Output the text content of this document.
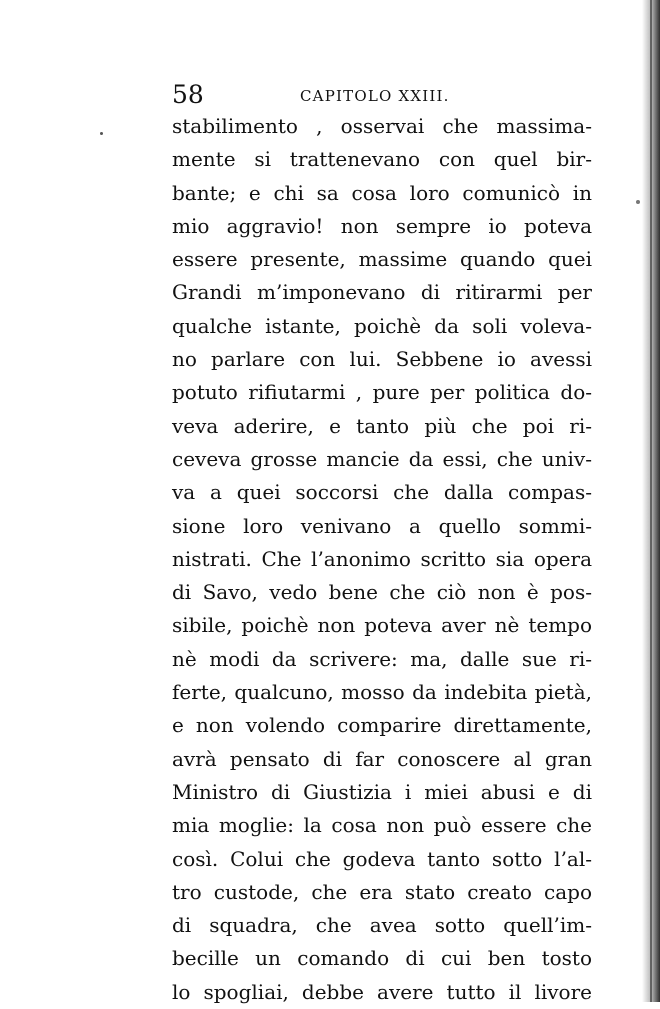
58	CAPITOLO XXIII.
stabilimento , osservai che massima-
mente si trattenevano con quel bir-
bante; e chi sa cosa loro comunicò in
mio aggravio! non sempre io poteva
essere presente, massime quando quei
Grandi m’imponevano di ritirarmi per
qualche istante, poichè da soli voleva-
no parlare con lui. Sebbene io avessi
potuto rifiutarmi , pure per politica do-
veva aderire, e tanto più che poi ri-
ceveva grosse mancie da essi, che univ-
va a quei soccorsi che dalla compas-
sione loro venivano a quello sommi-
nistrati. Che l’anonimo scritto sia opera
di Savo, vedo bene che ciò non è pos-
sibile, poichè non poteva aver nè tempo
nè modi da scrivere: ma, dalle sue ri-
ferte, qualcuno, mosso da indebita pietà,
e non volendo comparire direttamente,
avrà pensato di far conoscere al gran
Ministro di Giustizia i miei abusi e di
mia moglie: la cosa non può essere che
così. Colui che godeva tanto sotto l’al-
tro custode, che era stato creato capo
di squadra, che avea sotto quell’im-
becille un comando di cui ben tosto
lo spogliai, debbe avere tutto il livore
